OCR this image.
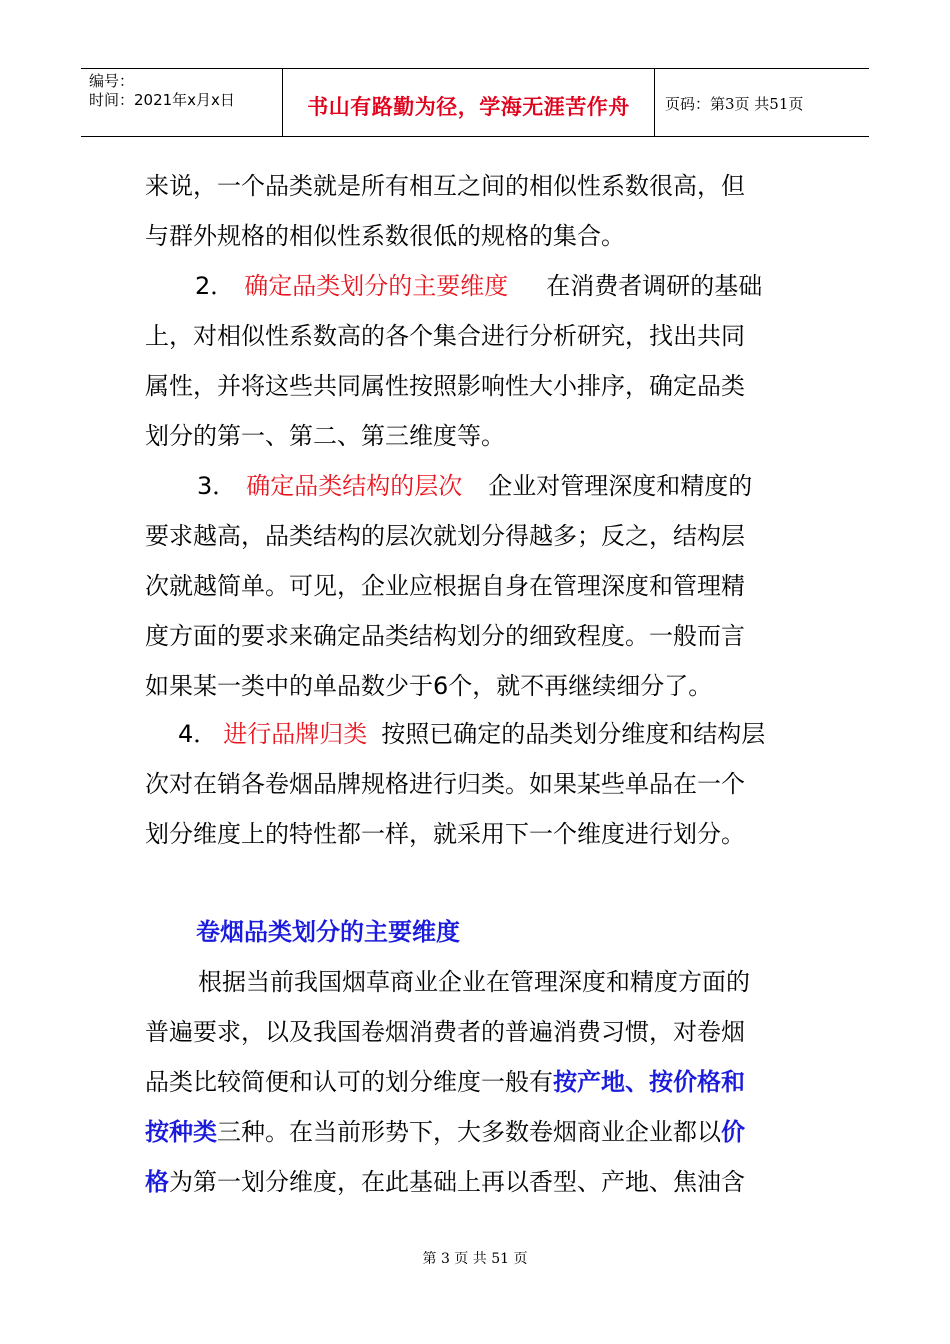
编号：
时间：2021年x月x日	书山有路勤为径，学海无涯苦作舟	页码：第3页 共51页
来说，一个品类就是所有相互之间的相似性系数很高，但
与群外规格的相似性系数很低的规格的集合。
2． 确定品类划分的主要维度 在消费者调研的基础
上，对相似性系数高的各个集合进行分析研究，找出共同
属性，并将这些共同属性按照影响性大小排序，确定品类
划分的第一、第二、第三维度等。
3． 确定品类结构的层次 企业对管理深度和精度的
要求越高，品类结构的层次就划分得越多；反之，结构层
次就越简单。可见，企业应根据自身在管理深度和管理精
度方面的要求来确定品类结构划分的细致程度。一般而言
如果某一类中的单品数少于6个，就不再继续细分了。
4． 进行品牌归类 按照已确定的品类划分维度和结构层
次对在销各卷烟品牌规格进行归类。如果某些单品在一个
划分维度上的特性都一样，就采用下一个维度进行划分。
卷烟品类划分的主要维度
根据当前我国烟草商业企业在管理深度和精度方面的
普遍要求，以及我国卷烟消费者的普遍消费习惯，对卷烟
品类比较简便和认可的划分维度一般有按产地、按价格和
按种类三种。在当前形势下，大多数卷烟商业企业都以价
格为第一划分维度，在此基础上再以香型、产地、焦油含
第 3 页 共 51 页
